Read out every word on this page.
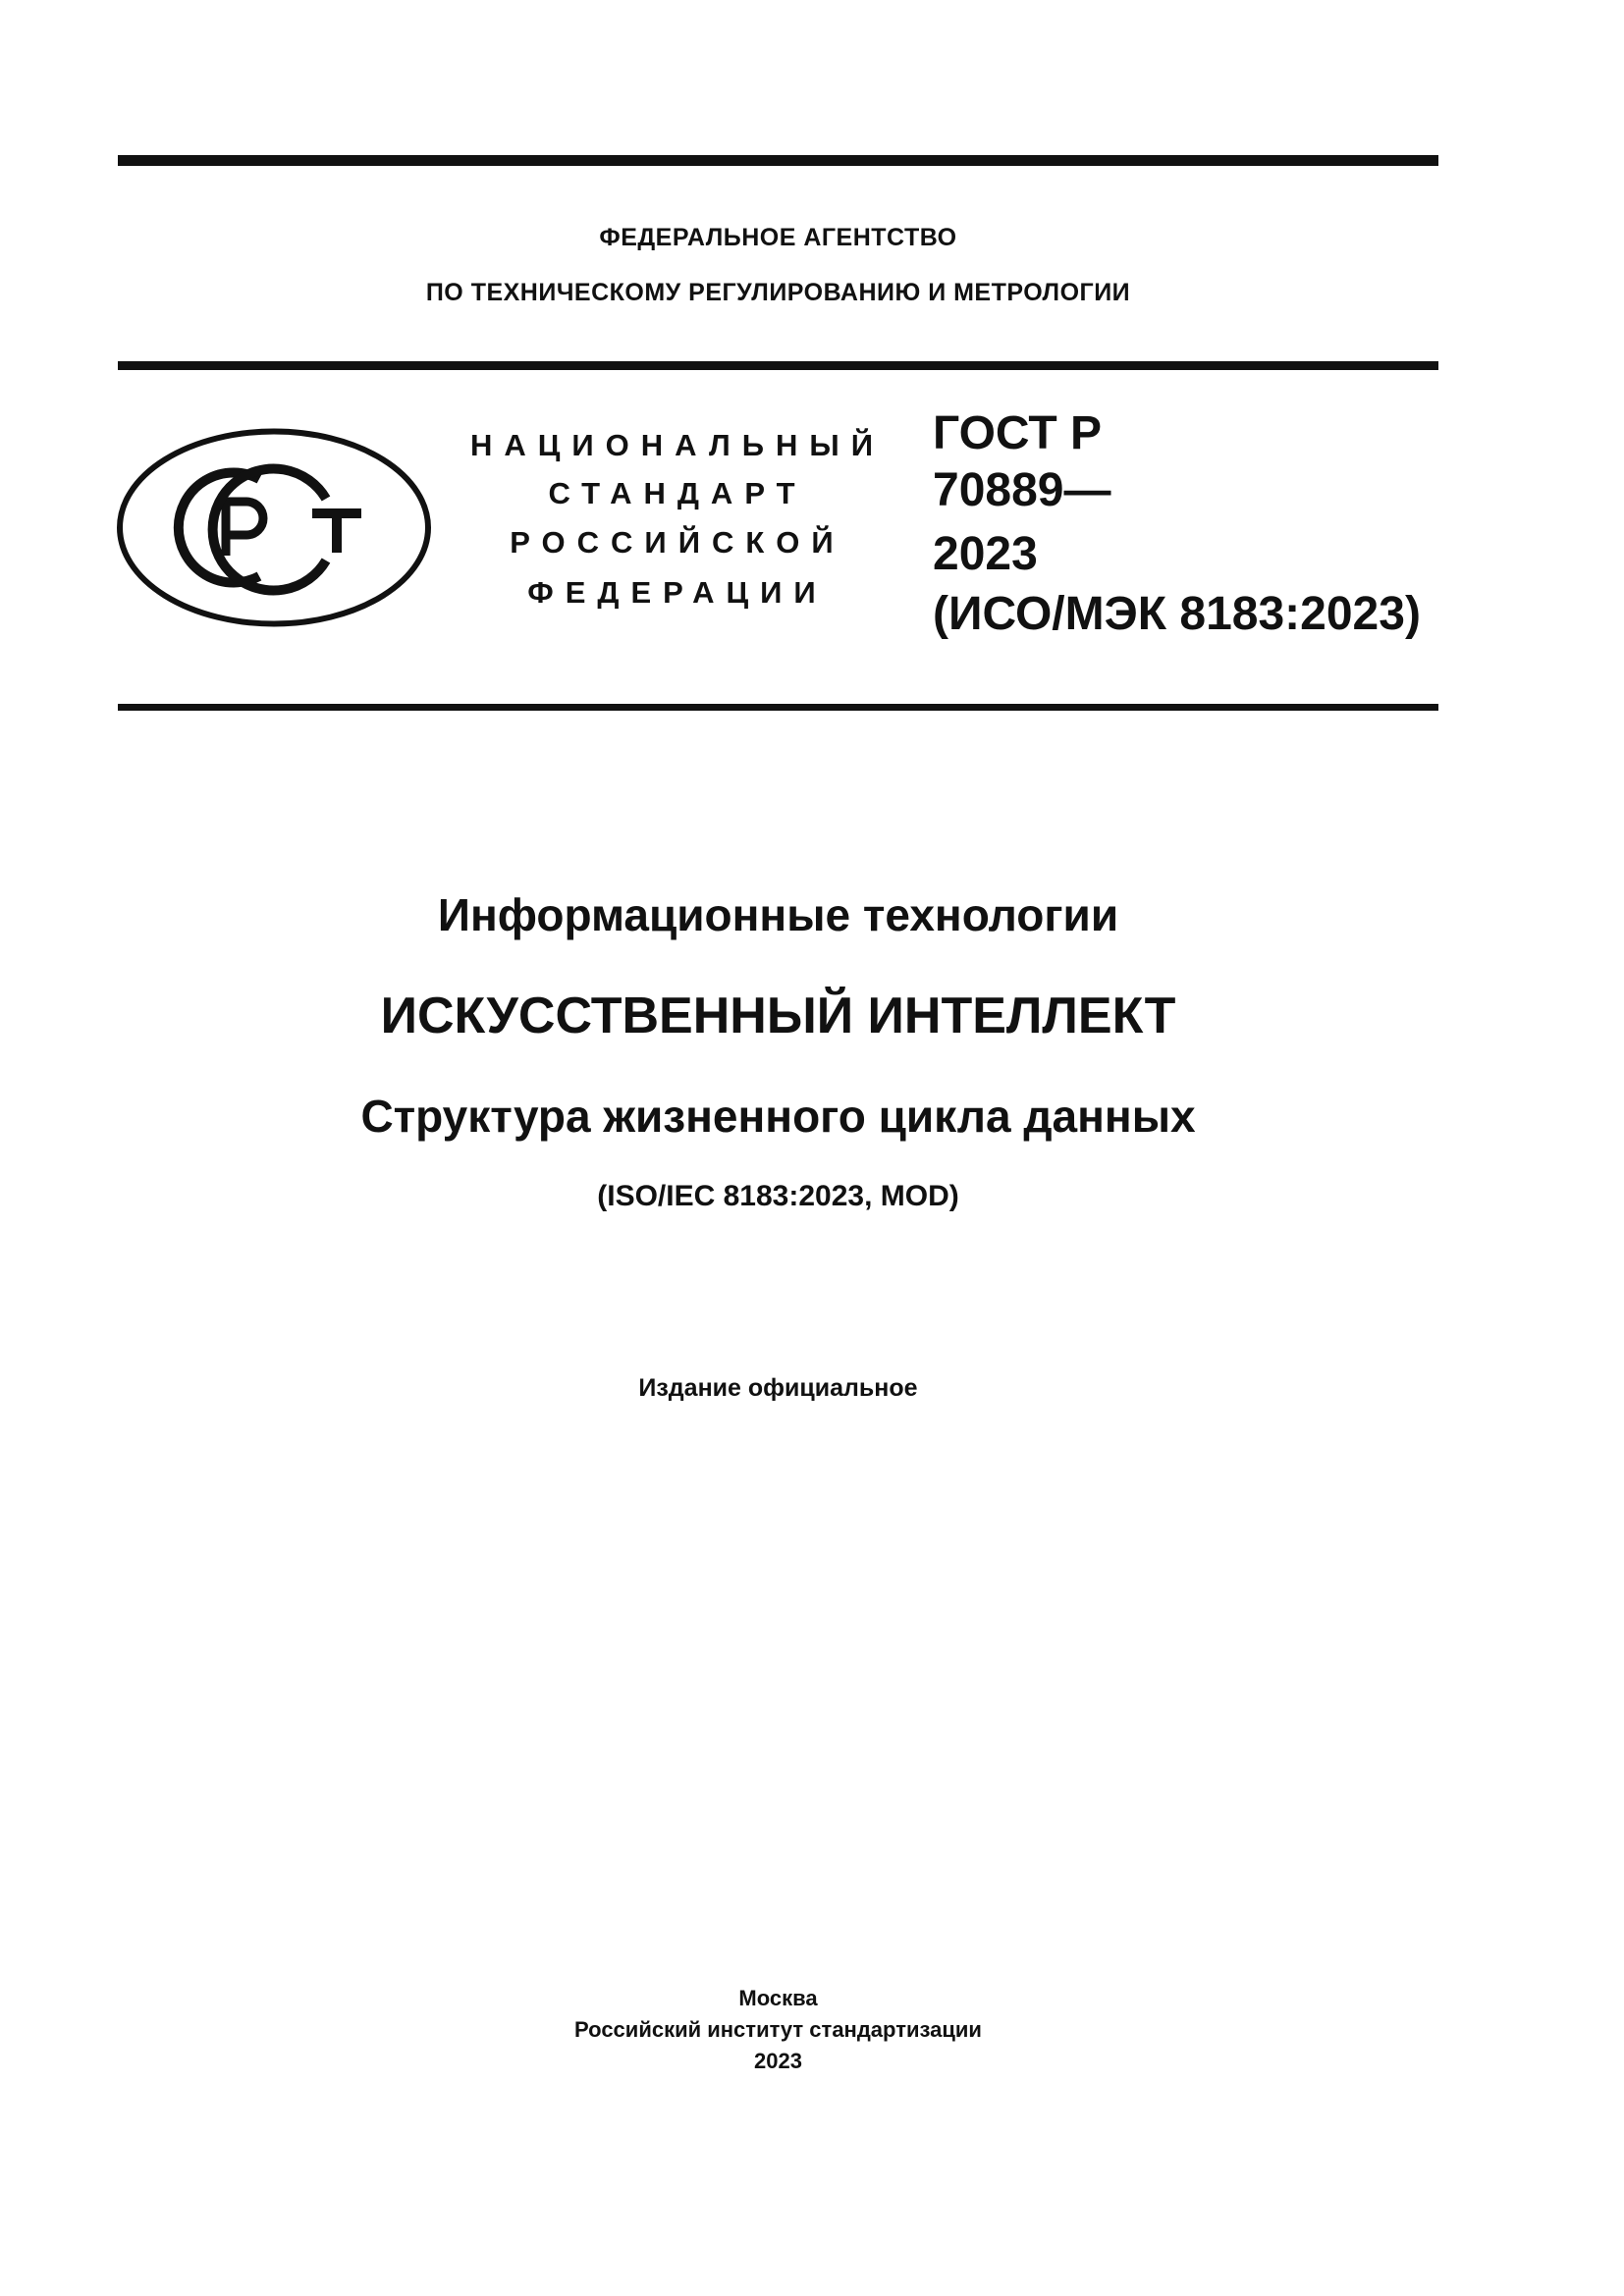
ФЕДЕРАЛЬНОЕ АГЕНТСТВО
ПО ТЕХНИЧЕСКОМУ РЕГУЛИРОВАНИЮ И МЕТРОЛОГИИ
НАЦИОНАЛЬНЫЙ
СТАНДАРТ
РОССИЙСКОЙ
ФЕДЕРАЦИИ
ГОСТ Р
70889—
2023
(ИСО/МЭК 8183:2023)
Информационные технологии
ИСКУССТВЕННЫЙ ИНТЕЛЛЕКТ
Структура жизненного цикла данных
(ISO/IEC 8183:2023, MOD)
Издание официальное
Москва
Российский институт стандартизации
2023
